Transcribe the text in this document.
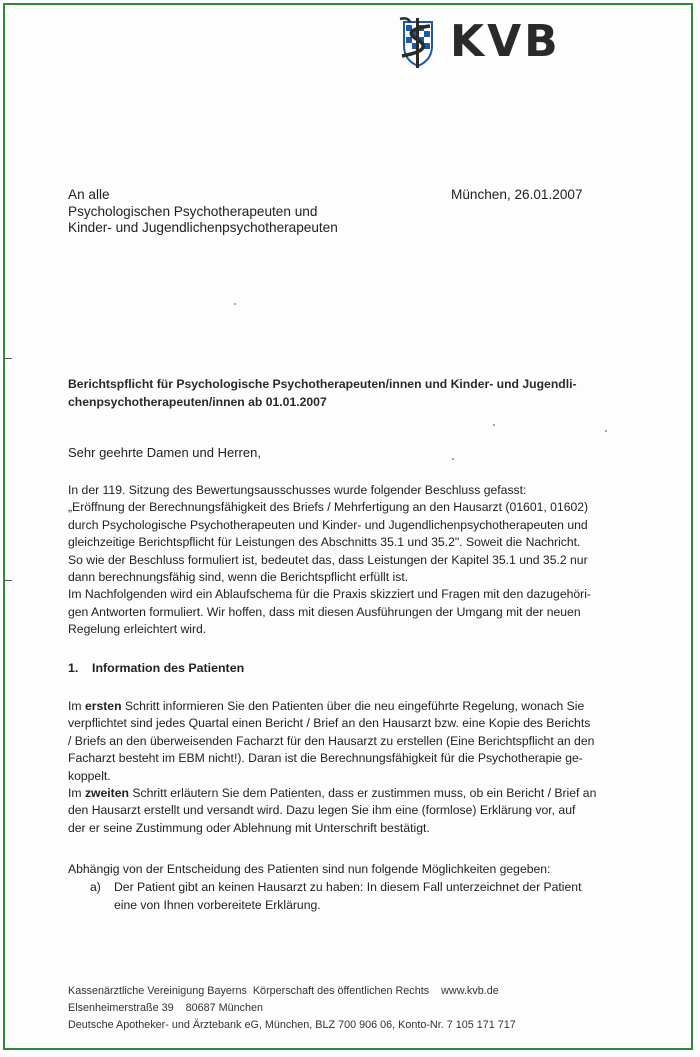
KVB
An alle
Psychologischen Psychotherapeuten und
Kinder- und Jugendlichenpsychotherapeuten
München, 26.01.2007
Berichtspflicht für Psychologische Psychotherapeuten/innen und Kinder- und Jugendli-
chenpsychotherapeuten/innen ab 01.01.2007
Sehr geehrte Damen und Herren,
In der 119. Sitzung des Bewertungsausschusses wurde folgender Beschluss gefasst:
„Eröffnung der Berechnungsfähigkeit des Briefs / Mehrfertigung an den Hausarzt (01601, 01602)
durch Psychologische Psychotherapeuten und Kinder- und Jugendlichenpsychotherapeuten und
gleichzeitige Berichtspflicht für Leistungen des Abschnitts 35.1 und 35.2". Soweit die Nachricht.
So wie der Beschluss formuliert ist, bedeutet das, dass Leistungen der Kapitel 35.1 und 35.2 nur
dann berechnungsfähig sind, wenn die Berichtspflicht erfüllt ist.
Im Nachfolgenden wird ein Ablaufschema für die Praxis skizziert und Fragen mit den dazugehöri-
gen Antworten formuliert. Wir hoffen, dass mit diesen Ausführungen der Umgang mit der neuen
Regelung erleichtert wird.
1. Information des Patienten
Im ersten Schritt informieren Sie den Patienten über die neu eingeführte Regelung, wonach Sie
verpflichtet sind jedes Quartal einen Bericht / Brief an den Hausarzt bzw. eine Kopie des Berichts
/ Briefs an den überweisenden Facharzt für den Hausarzt zu erstellen (Eine Berichtspflicht an den
Facharzt besteht im EBM nicht!). Daran ist die Berechnungsfähigkeit für die Psychotherapie ge-
koppelt.
Im zweiten Schritt erläutern Sie dem Patienten, dass er zustimmen muss, ob ein Bericht / Brief an
den Hausarzt erstellt und versandt wird. Dazu legen Sie ihm eine (formlose) Erklärung vor, auf
der er seine Zustimmung oder Ablehnung mit Unterschrift bestätigt.
Abhängig von der Entscheidung des Patienten sind nun folgende Möglichkeiten gegeben:
a) Der Patient gibt an keinen Hausarzt zu haben: In diesem Fall unterzeichnet der Patient
eine von Ihnen vorbereitete Erklärung.
Kassenärztliche Vereinigung Bayerns Körperschaft des öffentlichen Rechts www.kvb.de
Elsenheimerstraße 39 80687 München
Deutsche Apotheker- und Ärztebank eG, München, BLZ 700 906 06, Konto-Nr. 7 105 171 717
